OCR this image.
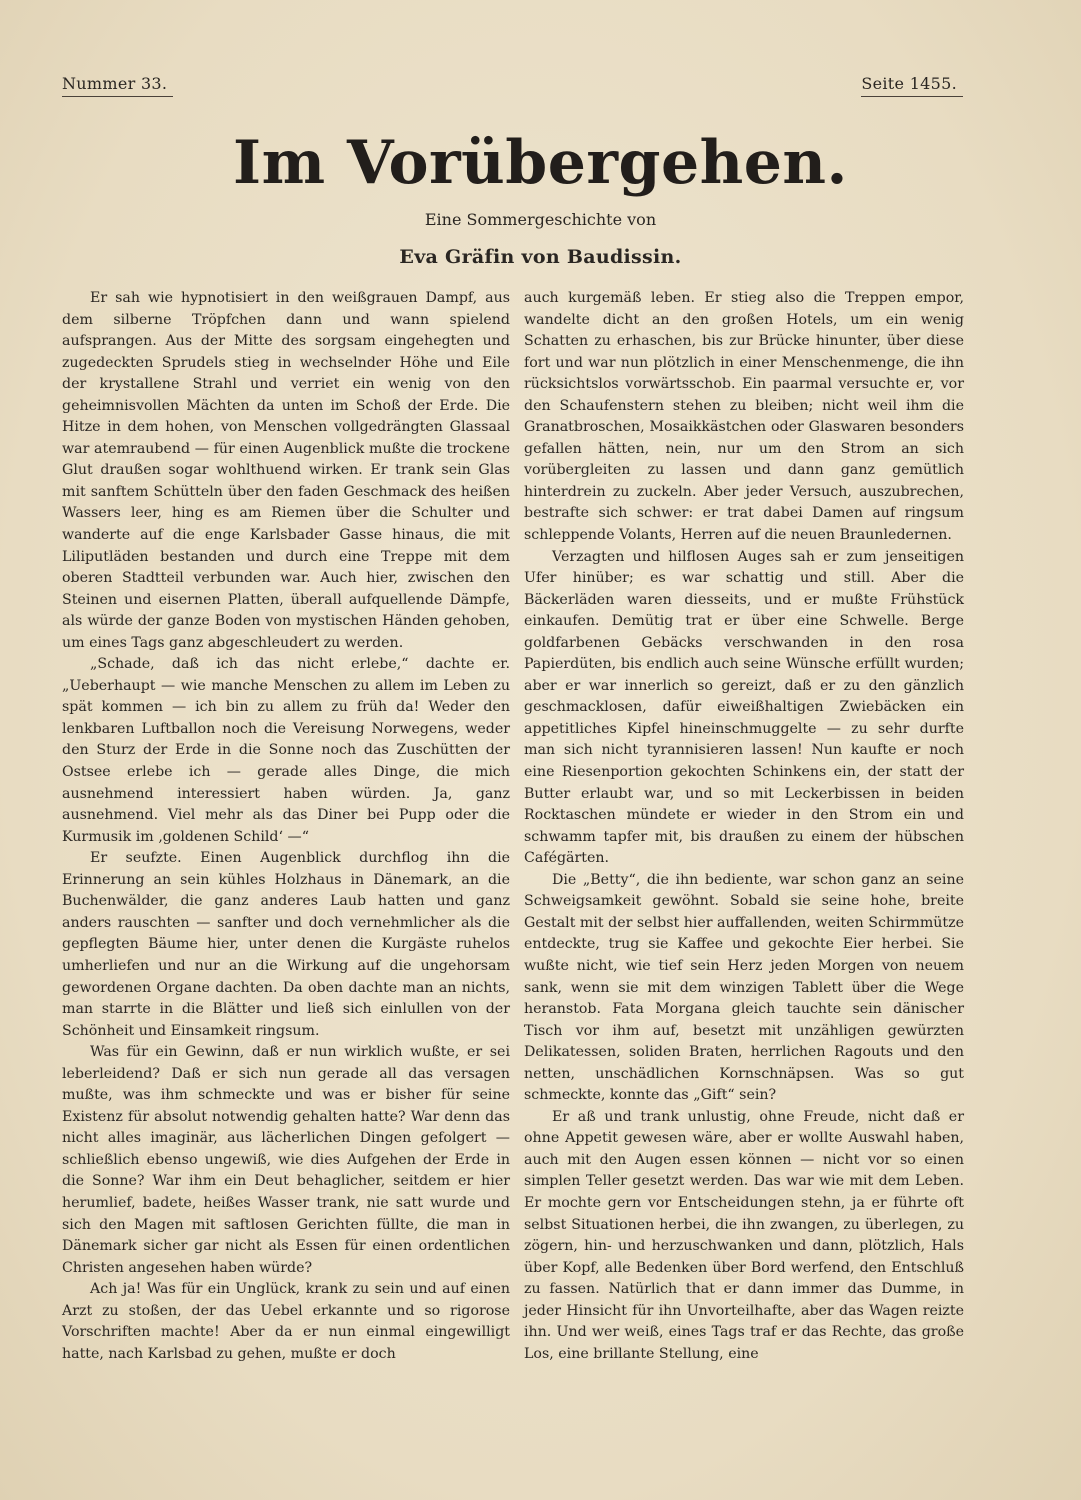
Nummer 33.	Seite 1455.
Im Vorübergehen.
Eine Sommergeschichte von
Eva Gräfin von Baudissin.

Er sah wie hypnotisiert in den weißgrauen Dampf, aus dem silberne Tröpfchen dann und wann spielend aufsprangen. Aus der Mitte des sorgsam eingehegten und zugedeckten Sprudels stieg in wechselnder Höhe und Eile der krystallene Strahl und verriet ein wenig von den geheimnisvollen Mächten da unten im Schoß der Erde. Die Hitze in dem hohen, von Menschen vollgedrängten Glassaal war atemraubend — für einen Augenblick mußte die trockene Glut draußen sogar wohlthuend wirken. Er trank sein Glas mit sanftem Schütteln über den faden Geschmack des heißen Wassers leer, hing es am Riemen über die Schulter und wanderte auf die enge Karlsbader Gasse hinaus, die mit Liliputläden bestanden und durch eine Treppe mit dem oberen Stadtteil verbunden war. Auch hier, zwischen den Steinen und eisernen Platten, überall aufquellende Dämpfe, als würde der ganze Boden von mystischen Händen gehoben, um eines Tags ganz abgeschleudert zu werden.

„Schade, daß ich das nicht erlebe,“ dachte er. „Ueberhaupt — wie manche Menschen zu allem im Leben zu spät kommen — ich bin zu allem zu früh da! Weder den lenkbaren Luftballon noch die Vereisung Norwegens, weder den Sturz der Erde in die Sonne noch das Zuschütten der Ostsee erlebe ich — gerade alles Dinge, die mich ausnehmend interessiert haben würden. Ja, ganz ausnehmend. Viel mehr als das Diner bei Pupp oder die Kurmusik im ‚goldenen Schild‘ —“

Er seufzte. Einen Augenblick durchflog ihn die Erinnerung an sein kühles Holzhaus in Dänemark, an die Buchenwälder, die ganz anderes Laub hatten und ganz anders rauschten — sanfter und doch vernehmlicher als die gepflegten Bäume hier, unter denen die Kurgäste ruhelos umherliefen und nur an die Wirkung auf die ungehorsam gewordenen Organe dachten. Da oben dachte man an nichts, man starrte in die Blätter und ließ sich einlullen von der Schönheit und Einsamkeit ringsum.

Was für ein Gewinn, daß er nun wirklich wußte, er sei leberleidend? Daß er sich nun gerade all das versagen mußte, was ihm schmeckte und was er bisher für seine Existenz für absolut notwendig gehalten hatte? War denn das nicht alles imaginär, aus lächerlichen Dingen gefolgert — schließlich ebenso ungewiß, wie dies Aufgehen der Erde in die Sonne? War ihm ein Deut behaglicher, seitdem er hier herumlief, badete, heißes Wasser trank, nie satt wurde und sich den Magen mit saftlosen Gerichten füllte, die man in Dänemark sicher gar nicht als Essen für einen ordentlichen Christen angesehen haben würde?

Ach ja! Was für ein Unglück, krank zu sein und auf einen Arzt zu stoßen, der das Uebel erkannte und so rigorose Vorschriften machte! Aber da er nun einmal eingewilligt hatte, nach Karlsbad zu gehen, mußte er doch

auch kurgemäß leben. Er stieg also die Treppen empor, wandelte dicht an den großen Hotels, um ein wenig Schatten zu erhaschen, bis zur Brücke hinunter, über diese fort und war nun plötzlich in einer Menschenmenge, die ihn rücksichtslos vorwärtsschob. Ein paarmal versuchte er, vor den Schaufenstern stehen zu bleiben; nicht weil ihm die Granatbroschen, Mosaikkästchen oder Glaswaren besonders gefallen hätten, nein, nur um den Strom an sich vorübergleiten zu lassen und dann ganz gemütlich hinterdrein zu zuckeln. Aber jeder Versuch, auszubrechen, bestrafte sich schwer: er trat dabei Damen auf ringsum schleppende Volants, Herren auf die neuen Braunledernen.

Verzagten und hilflosen Auges sah er zum jenseitigen Ufer hinüber; es war schattig und still. Aber die Bäckerläden waren diesseits, und er mußte Frühstück einkaufen. Demütig trat er über eine Schwelle. Berge goldfarbenen Gebäcks verschwanden in den rosa Papierdüten, bis endlich auch seine Wünsche erfüllt wurden; aber er war innerlich so gereizt, daß er zu den gänzlich geschmacklosen, dafür eiweißhaltigen Zwiebäcken ein appetitliches Kipfel hineinschmuggelte — zu sehr durfte man sich nicht tyrannisieren lassen! Nun kaufte er noch eine Riesenportion gekochten Schinkens ein, der statt der Butter erlaubt war, und so mit Leckerbissen in beiden Rocktaschen mündete er wieder in den Strom ein und schwamm tapfer mit, bis draußen zu einem der hübschen Cafégärten.

Die „Betty“, die ihn bediente, war schon ganz an seine Schweigsamkeit gewöhnt. Sobald sie seine hohe, breite Gestalt mit der selbst hier auffallenden, weiten Schirmmütze entdeckte, trug sie Kaffee und gekochte Eier herbei. Sie wußte nicht, wie tief sein Herz jeden Morgen von neuem sank, wenn sie mit dem winzigen Tablett über die Wege heranstob. Fata Morgana gleich tauchte sein dänischer Tisch vor ihm auf, besetzt mit unzähligen gewürzten Delikatessen, soliden Braten, herrlichen Ragouts und den netten, unschädlichen Kornschnäpsen. Was so gut schmeckte, konnte das „Gift“ sein?

Er aß und trank unlustig, ohne Freude, nicht daß er ohne Appetit gewesen wäre, aber er wollte Auswahl haben, auch mit den Augen essen können — nicht vor so einen simplen Teller gesetzt werden. Das war wie mit dem Leben. Er mochte gern vor Entscheidungen stehn, ja er führte oft selbst Situationen herbei, die ihn zwangen, zu überlegen, zu zögern, hin- und herzuschwanken und dann, plötzlich, Hals über Kopf, alle Bedenken über Bord werfend, den Entschluß zu fassen. Natürlich that er dann immer das Dumme, in jeder Hinsicht für ihn Unvorteilhafte, aber das Wagen reizte ihn. Und wer weiß, eines Tags traf er das Rechte, das große Los, eine brillante Stellung, eine
